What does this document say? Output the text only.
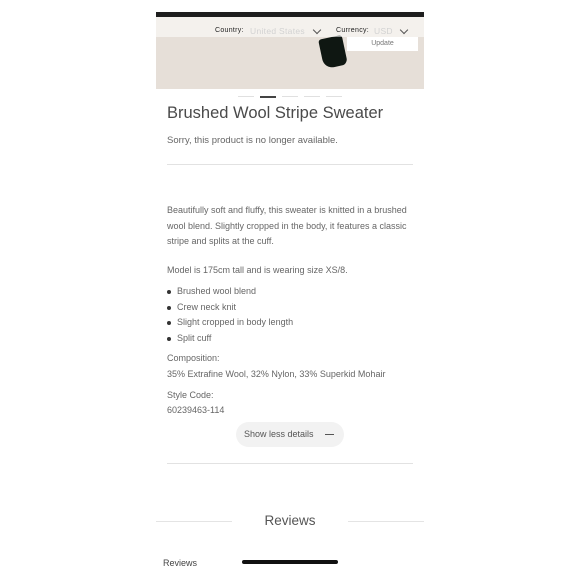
Country: United States	Currency: USD
Update
Brushed Wool Stripe Sweater
Sorry, this product is no longer available.

Beautifully soft and fluffy, this sweater is knitted in a brushed wool blend. Slightly cropped in the body, it features a classic stripe and splits at the cuff.

Model is 175cm tall and is wearing size XS/8.
Brushed wool blend
Crew neck knit
Slight cropped in body length
Split cuff
Composition:
35% Extrafine Wool, 32% Nylon, 33% Superkid Mohair
Style Code:
60239463-114
Show less details
Reviews
Reviews
